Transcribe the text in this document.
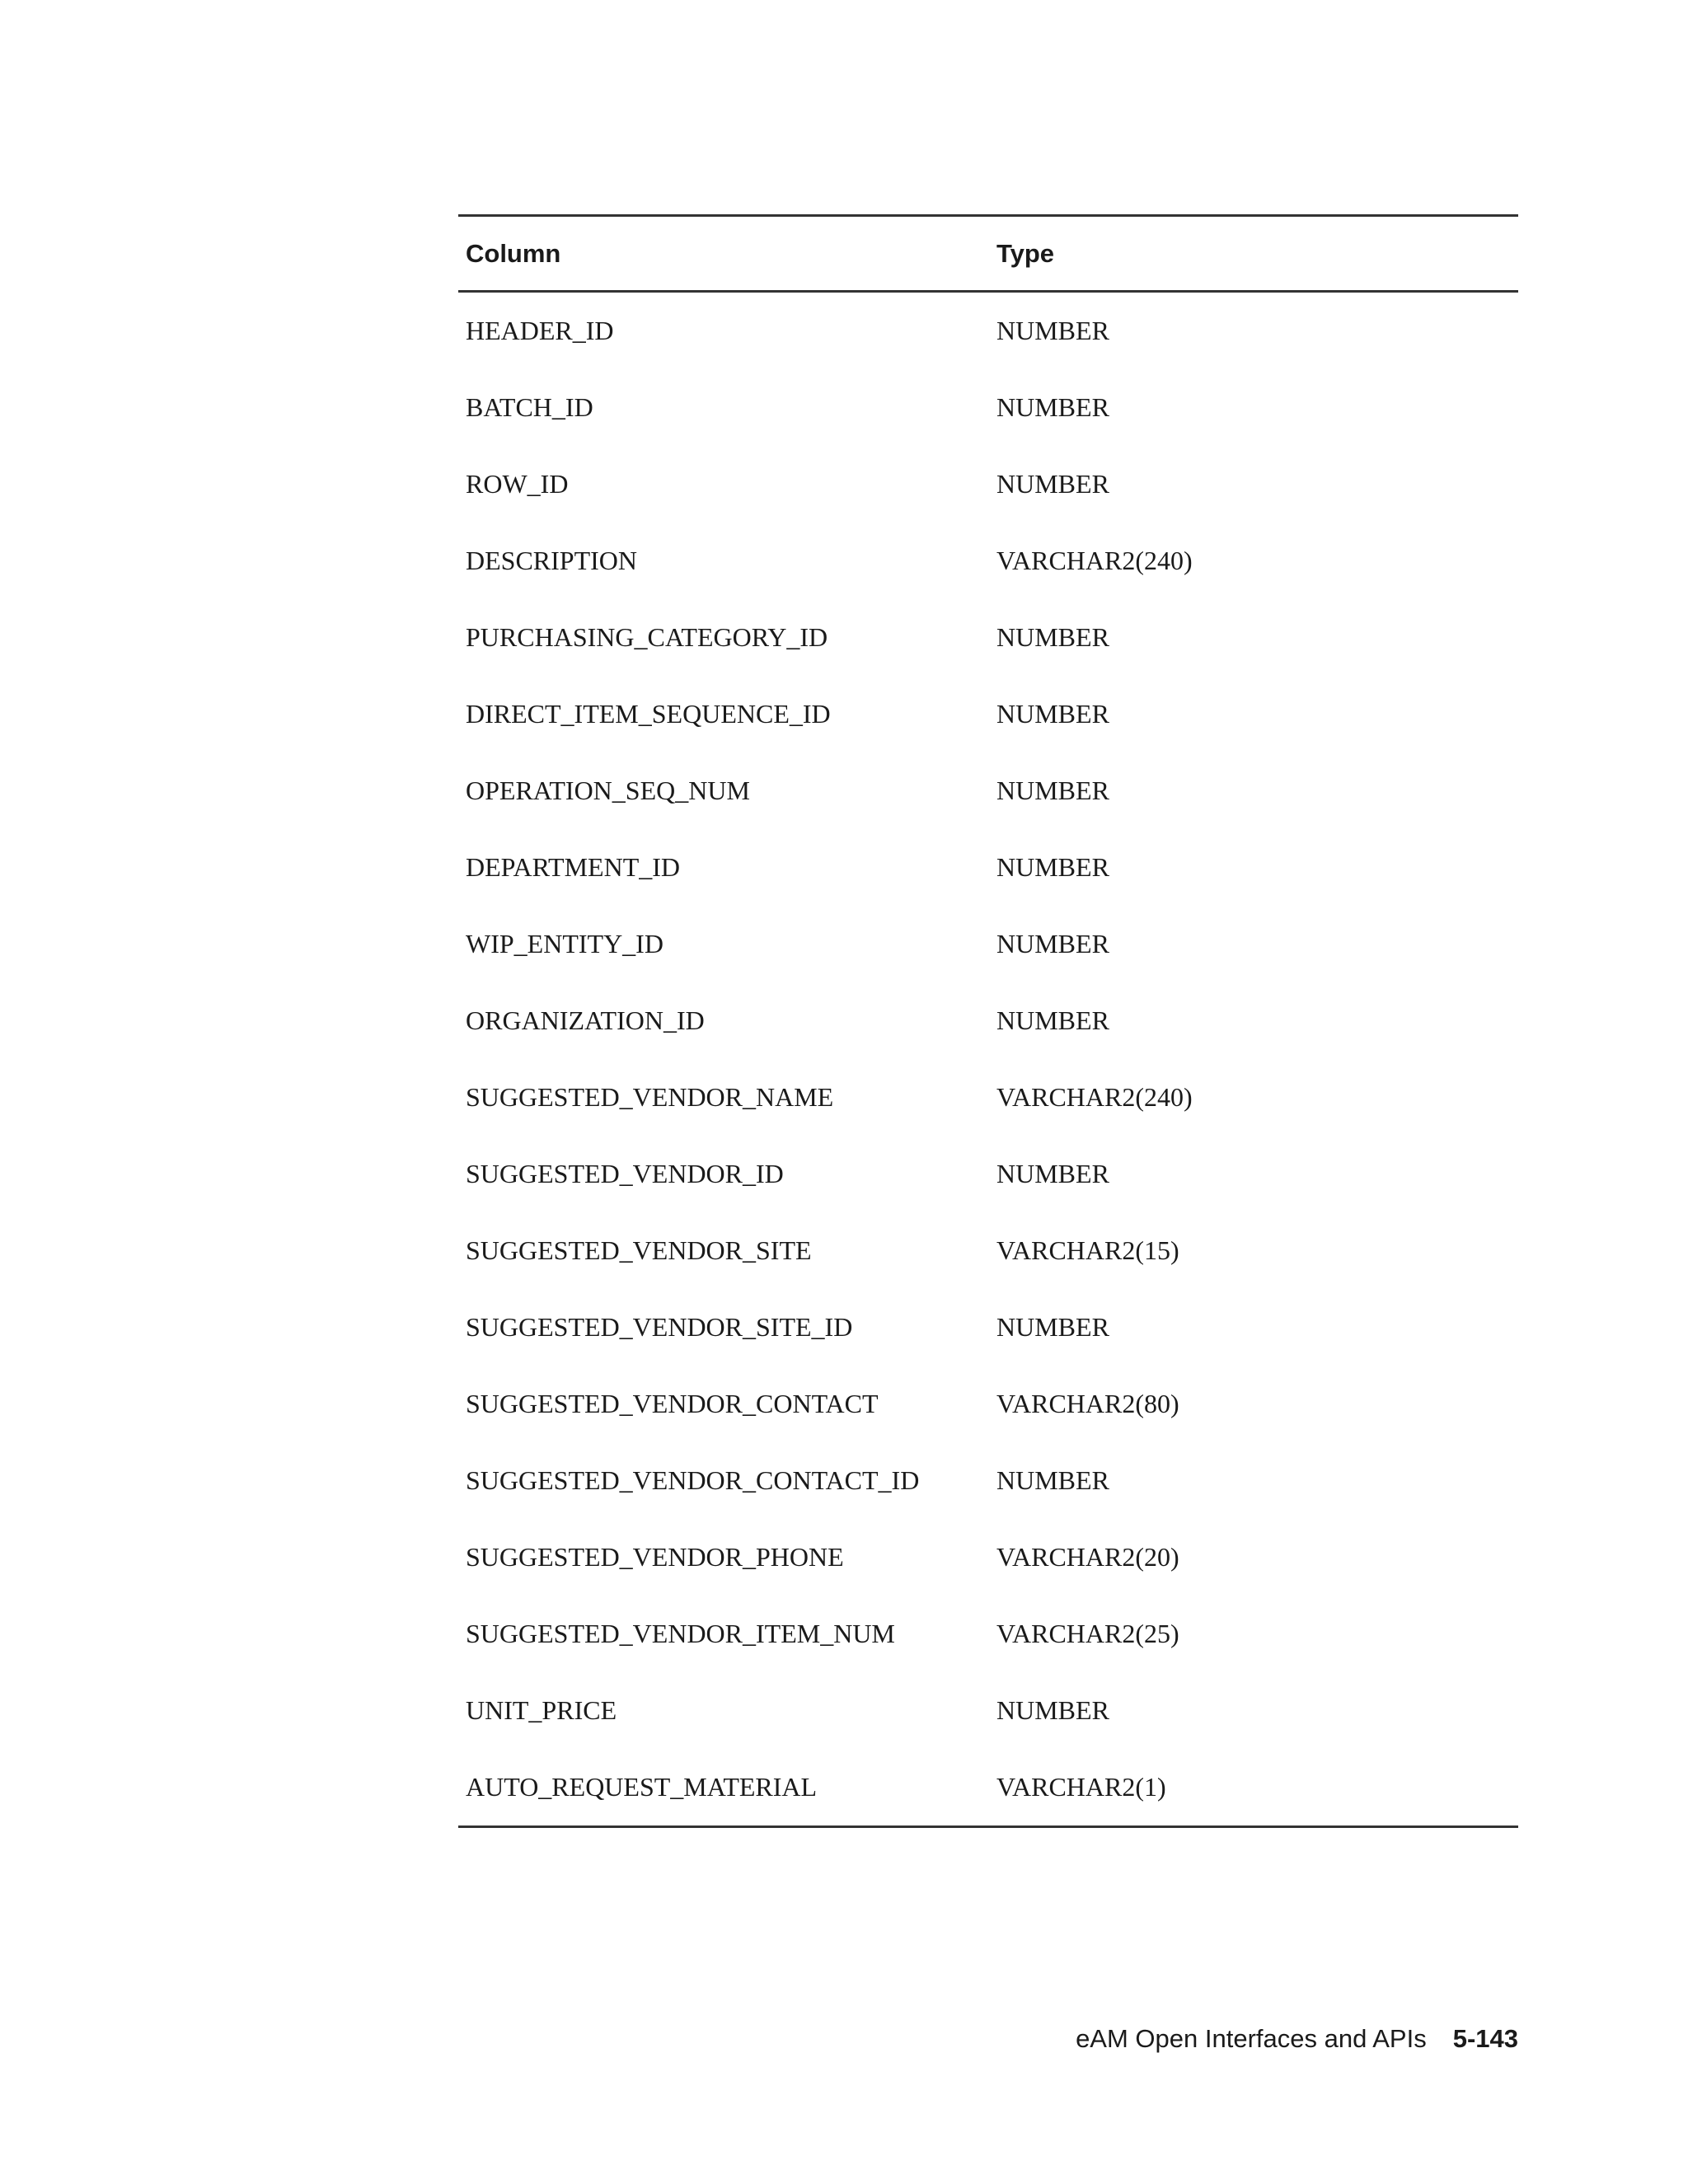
Column	Type
HEADER_ID	NUMBER
BATCH_ID	NUMBER
ROW_ID	NUMBER
DESCRIPTION	VARCHAR2(240)
PURCHASING_CATEGORY_ID	NUMBER
DIRECT_ITEM_SEQUENCE_ID	NUMBER
OPERATION_SEQ_NUM	NUMBER
DEPARTMENT_ID	NUMBER
WIP_ENTITY_ID	NUMBER
ORGANIZATION_ID	NUMBER
SUGGESTED_VENDOR_NAME	VARCHAR2(240)
SUGGESTED_VENDOR_ID	NUMBER
SUGGESTED_VENDOR_SITE	VARCHAR2(15)
SUGGESTED_VENDOR_SITE_ID	NUMBER
SUGGESTED_VENDOR_CONTACT	VARCHAR2(80)
SUGGESTED_VENDOR_CONTACT_ID	NUMBER
SUGGESTED_VENDOR_PHONE	VARCHAR2(20)
SUGGESTED_VENDOR_ITEM_NUM	VARCHAR2(25)
UNIT_PRICE	NUMBER
AUTO_REQUEST_MATERIAL	VARCHAR2(1)
eAM Open Interfaces and APIs 5-143
